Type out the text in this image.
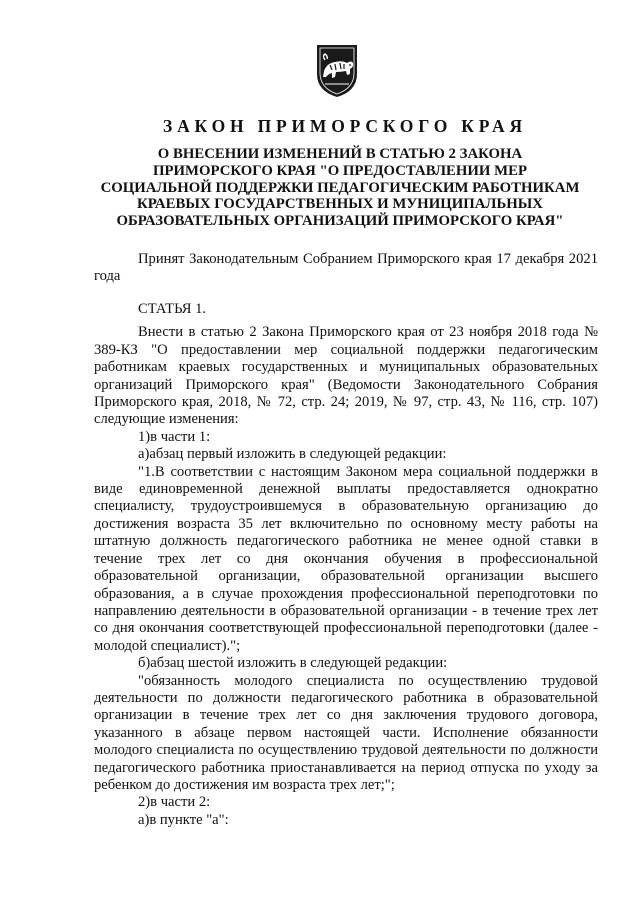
ЗАКОН ПРИМОРСКОГО КРАЯ
О ВНЕСЕНИИ ИЗМЕНЕНИЙ В СТАТЬЮ 2 ЗАКОНА
ПРИМОРСКОГО КРАЯ "О ПРЕДОСТАВЛЕНИИ МЕР
СОЦИАЛЬНОЙ ПОДДЕРЖКИ ПЕДАГОГИЧЕСКИМ РАБОТНИКАМ
КРАЕВЫХ ГОСУДАРСТВЕННЫХ И МУНИЦИПАЛЬНЫХ
ОБРАЗОВАТЕЛЬНЫХ ОРГАНИЗАЦИЙ ПРИМОРСКОГО КРАЯ"

Принят Законодательным Собранием Приморского края 17 декабря 2021 года

СТАТЬЯ 1.

Внести в статью 2 Закона Приморского края от 23 ноября 2018 года № 389-КЗ "О предоставлении мер социальной поддержки педагогическим работникам краевых государственных и муниципальных образовательных организаций Приморского края" (Ведомости Законодательного Собрания Приморского края, 2018, № 72, стр. 24; 2019, № 97, стр. 43, № 116, стр. 107) следующие изменения:

1)в части 1:

а)абзац первый изложить в следующей редакции:

"1.В соответствии с настоящим Законом мера социальной поддержки в виде единовременной денежной выплаты предоставляется однократно специалисту, трудоустроившемуся в образовательную организацию до достижения возраста 35 лет включительно по основному месту работы на штатную должность педагогического работника не менее одной ставки в течение трех лет со дня окончания обучения в профессиональной образовательной организации, образовательной организации высшего образования, а в случае прохождения профессиональной переподготовки по направлению деятельности в образовательной организации - в течение трех лет со дня окончания соответствующей профессиональной переподготовки (далее - молодой специалист).";

б)абзац шестой изложить в следующей редакции:

"обязанность молодого специалиста по осуществлению трудовой деятельности по должности педагогического работника в образовательной организации в течение трех лет со дня заключения трудового договора, указанного в абзаце первом настоящей части. Исполнение обязанности молодого специалиста по осуществлению трудовой деятельности по должности педагогического работника приостанавливается на период отпуска по уходу за ребенком до достижения им возраста трех лет;";

2)в части 2:

а)в пункте "а":
